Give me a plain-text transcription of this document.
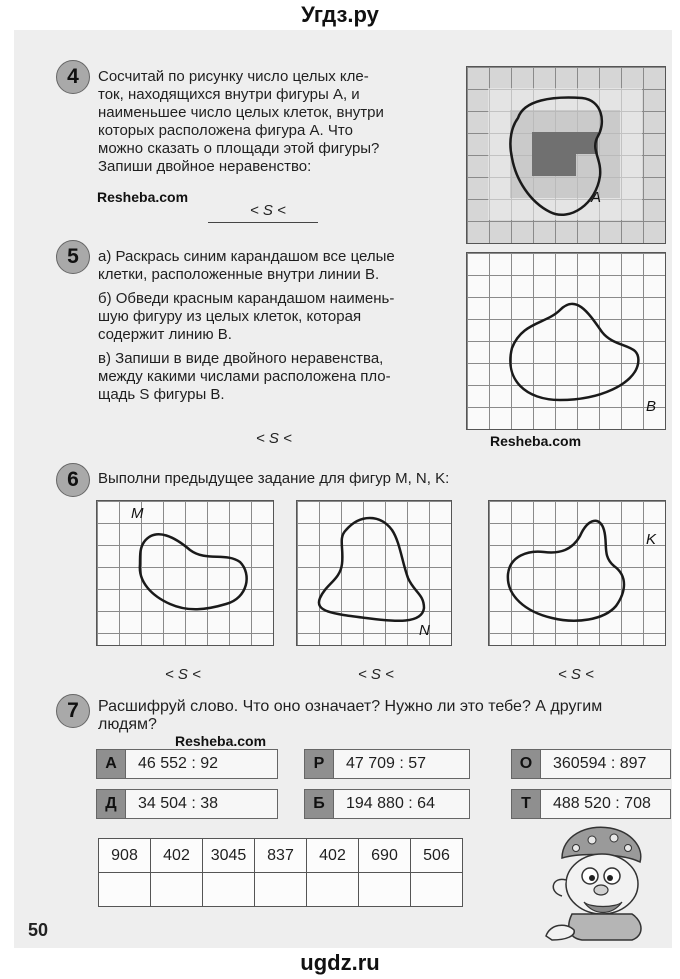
Угдз.ру
4	Сосчитай по рисунку число целых кле-
ток, находящихся внутри фигуры A, и
наименьшее число целых клеток, внутри
которых расположена фигура A. Что
можно сказать о площади этой фигуры?
Запиши двойное неравенство:
Resheba.com
< S <
A
5	а) Раскрась синим карандашом все целые
клетки, расположенные внутри линии B.
б) Обведи красным карандашом наимень-
шую фигуру из целых клеток, которая
содержит линию B.
в) Запиши в виде двойного неравенства,
между какими числами расположена пло-
щадь S фигуры B.
< S <
B
Resheba.com
6	Выполни предыдущее задание для фигур M, N, K:
M
< S <
N
< S <
K
< S <
7	Расшифруй слово. Что оно означает? Нужно ли это тебе? А другим
людям?
Resheba.com
А	46 552 : 92	Р	47 709 : 57	О	360594 : 897
Д	34 504 : 38	Б	194 880 : 64	Т	488 520 : 708
908	402	3045	837	402	690	506

50
ugdz.ru
